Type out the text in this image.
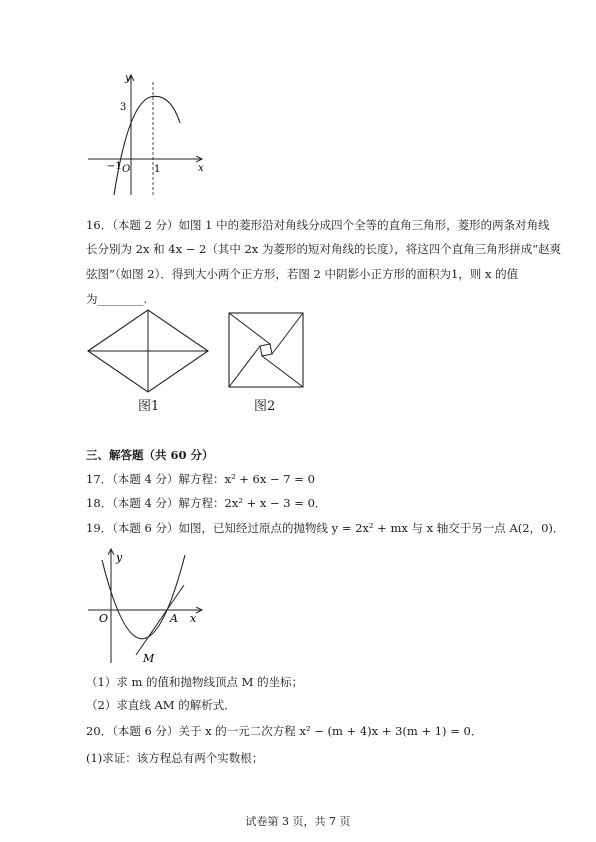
y
x
O
3
−1	1
16．（本题 2 分）如图 1 中的菱形沿对角线分成四个全等的直角三角形，菱形的两条对角线
长分别为 2x 和 4x − 2（其中 2x 为菱形的短对角线的长度），将这四个直角三角形拼成“赵爽
弦图”（如图 2）．得到大小两个正方形，若图 2 中阴影小正方形的面积为1，则 x 的值
为________.
图1	图2
三、解答题（共 60 分）
17．（本题 4 分）解方程：x² + 6x − 7 = 0
18．（本题 4 分）解方程：2x² + x − 3 = 0．
19．（本题 6 分）如图，已知经过原点的抛物线 y = 2x² + mx 与 x 轴交于另一点 A(2，0)．
y
x
O	A
M
（1）求 m 的值和抛物线顶点 M 的坐标；
（2）求直线 AM 的解析式．
20．（本题 6 分）关于 x 的一元二次方程 x² − (m + 4)x + 3(m + 1) = 0．
(1)求证：该方程总有两个实数根；
试卷第 3 页，共 7 页
